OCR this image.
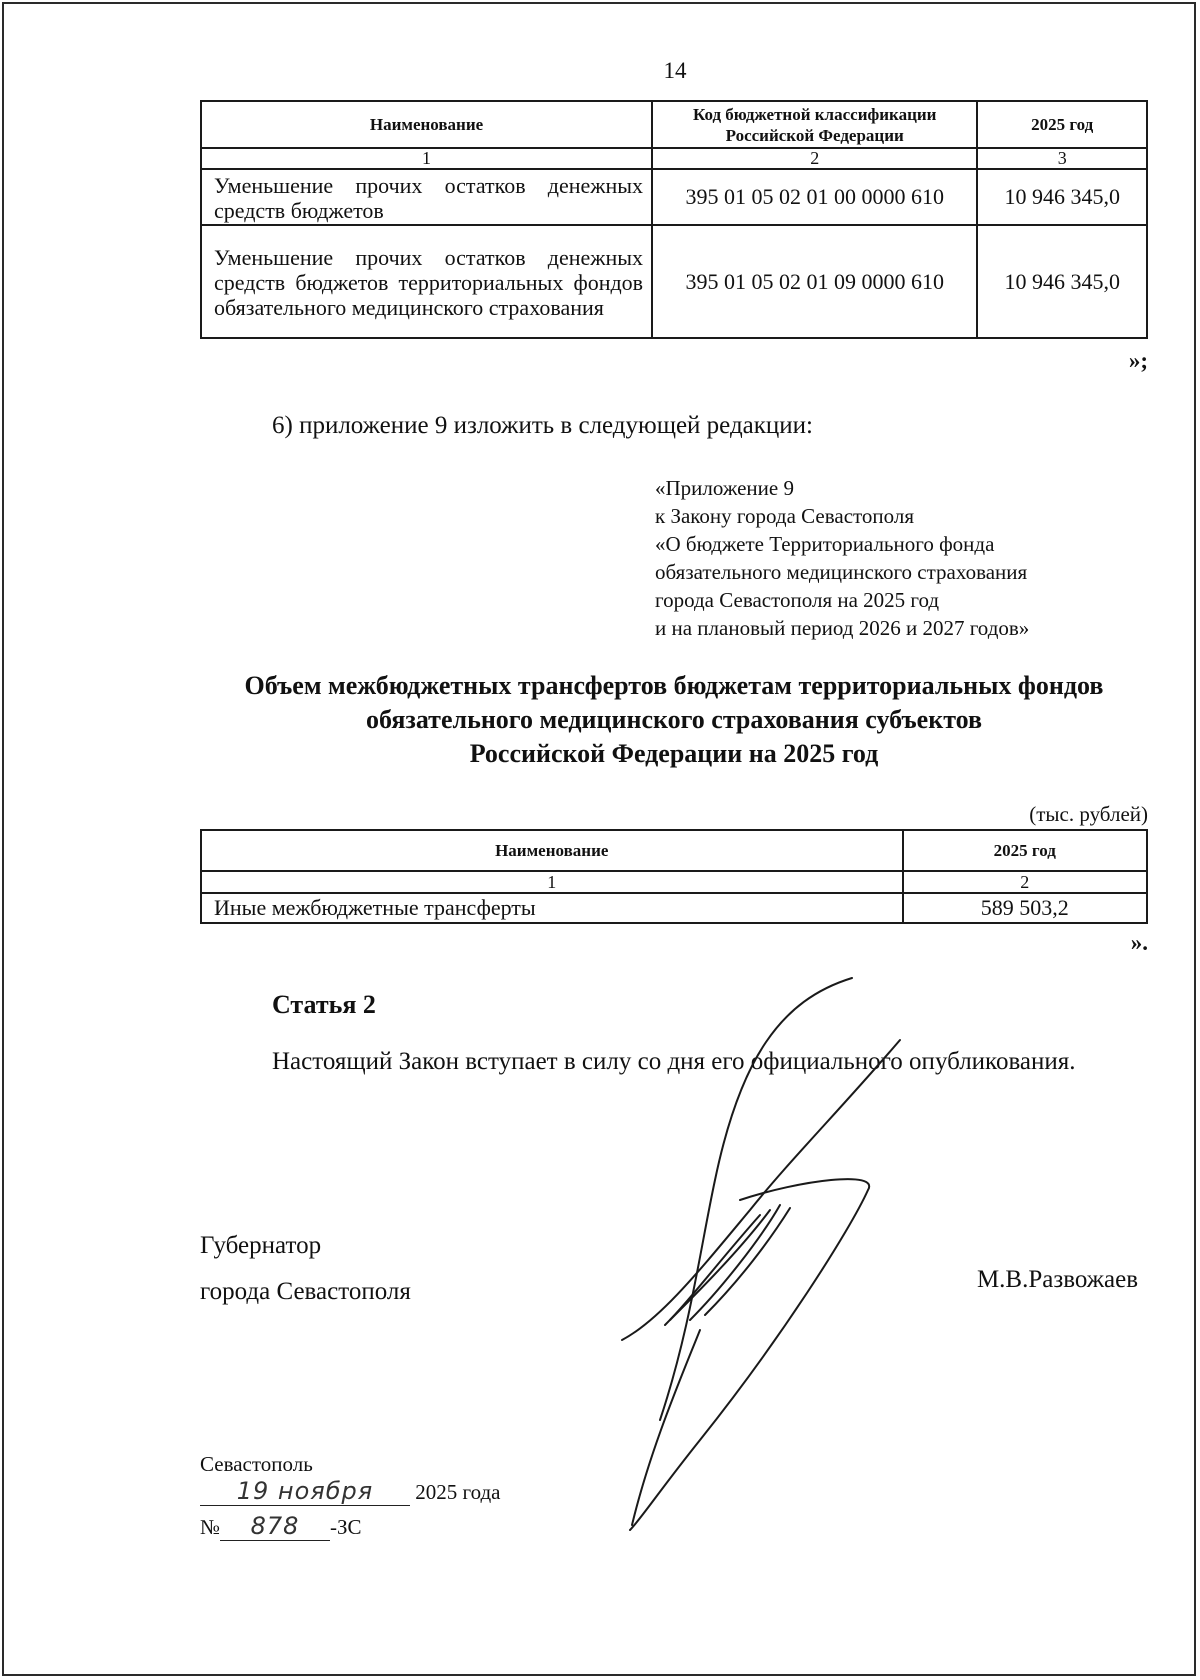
14
Наименование	Код бюджетной классификации Российской Федерации	2025 год
1	2	3
Уменьшение прочих остатков денежных средств бюджетов	395 01 05 02 01 00 0000 610	10 946 345,0
Уменьшение прочих остатков денежных средств бюджетов территориальных фондов обязательного медицинского страхования	395 01 05 02 01 09 0000 610	10 946 345,0
»;
6) приложение 9 изложить в следующей редакции:
«Приложение 9
к Закону города Севастополя
«О бюджете Территориального фонда
обязательного медицинского страхования
города Севастополя на 2025 год
и на плановый период 2026 и 2027 годов»
Объем межбюджетных трансфертов бюджетам территориальных фондов
обязательного медицинского страхования субъектов
Российской Федерации на 2025 год
(тыс. рублей)
Наименование	2025 год
1	2
Иные межбюджетные трансферты	589 503,2
».
Статья 2
Настоящий Закон вступает в силу со дня его официального опубликования.
Губернатор
города Севастополя	М.В.Развожаев
Севастополь
19 ноября 2025 года
№ 878 -ЗС
